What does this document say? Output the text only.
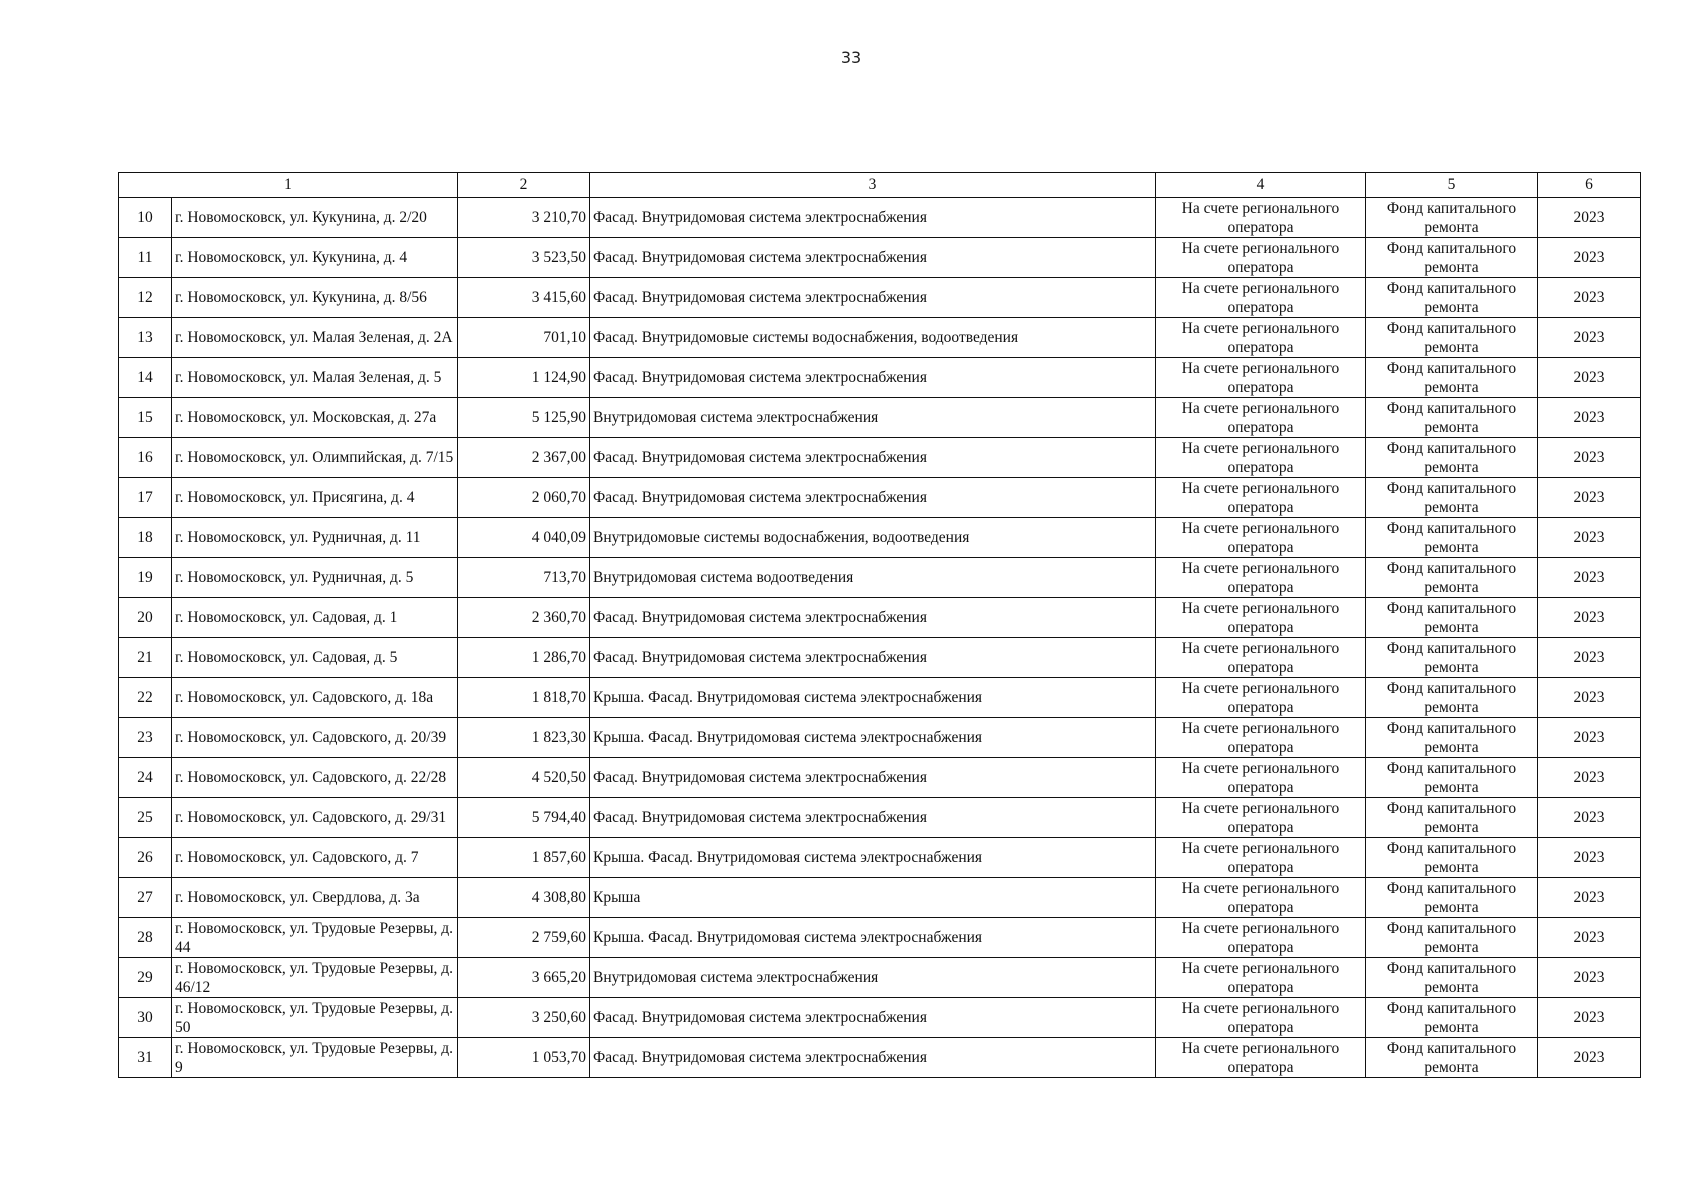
33
1		2	3	4	5	6
10	г. Новомосковск, ул. Кукунина, д. 2/20	3 210,70	Фасад. Внутридомовая система электроснабжения	На счете регионального оператора	Фонд капитального ремонта	2023
11	г. Новомосковск, ул. Кукунина, д. 4	3 523,50	Фасад. Внутридомовая система электроснабжения	На счете регионального оператора	Фонд капитального ремонта	2023
12	г. Новомосковск, ул. Кукунина, д. 8/56	3 415,60	Фасад. Внутридомовая система электроснабжения	На счете регионального оператора	Фонд капитального ремонта	2023
13	г. Новомосковск, ул. Малая Зеленая, д. 2А	701,10	Фасад. Внутридомовые системы водоснабжения, водоотведения	На счете регионального оператора	Фонд капитального ремонта	2023
14	г. Новомосковск, ул. Малая Зеленая, д. 5	1 124,90	Фасад. Внутридомовая система электроснабжения	На счете регионального оператора	Фонд капитального ремонта	2023
15	г. Новомосковск, ул. Московская, д. 27а	5 125,90	Внутридомовая система электроснабжения	На счете регионального оператора	Фонд капитального ремонта	2023
16	г. Новомосковск, ул. Олимпийская, д. 7/15	2 367,00	Фасад. Внутридомовая система электроснабжения	На счете регионального оператора	Фонд капитального ремонта	2023
17	г. Новомосковск, ул. Присягина, д. 4	2 060,70	Фасад. Внутридомовая система электроснабжения	На счете регионального оператора	Фонд капитального ремонта	2023
18	г. Новомосковск, ул. Рудничная, д. 11	4 040,09	Внутридомовые системы водоснабжения, водоотведения	На счете регионального оператора	Фонд капитального ремонта	2023
19	г. Новомосковск, ул. Рудничная, д. 5	713,70	Внутридомовая система водоотведения	На счете регионального оператора	Фонд капитального ремонта	2023
20	г. Новомосковск, ул. Садовая, д. 1	2 360,70	Фасад. Внутридомовая система электроснабжения	На счете регионального оператора	Фонд капитального ремонта	2023
21	г. Новомосковск, ул. Садовая, д. 5	1 286,70	Фасад. Внутридомовая система электроснабжения	На счете регионального оператора	Фонд капитального ремонта	2023
22	г. Новомосковск, ул. Садовского, д. 18а	1 818,70	Крыша. Фасад. Внутридомовая система электроснабжения	На счете регионального оператора	Фонд капитального ремонта	2023
23	г. Новомосковск, ул. Садовского, д. 20/39	1 823,30	Крыша. Фасад. Внутридомовая система электроснабжения	На счете регионального оператора	Фонд капитального ремонта	2023
24	г. Новомосковск, ул. Садовского, д. 22/28	4 520,50	Фасад. Внутридомовая система электроснабжения	На счете регионального оператора	Фонд капитального ремонта	2023
25	г. Новомосковск, ул. Садовского, д. 29/31	5 794,40	Фасад. Внутридомовая система электроснабжения	На счете регионального оператора	Фонд капитального ремонта	2023
26	г. Новомосковск, ул. Садовского, д. 7	1 857,60	Крыша. Фасад. Внутридомовая система электроснабжения	На счете регионального оператора	Фонд капитального ремонта	2023
27	г. Новомосковск, ул. Свердлова, д. 3а	4 308,80	Крыша	На счете регионального оператора	Фонд капитального ремонта	2023
28	г. Новомосковск, ул. Трудовые Резервы, д. 44	2 759,60	Крыша. Фасад. Внутридомовая система электроснабжения	На счете регионального оператора	Фонд капитального ремонта	2023
29	г. Новомосковск, ул. Трудовые Резервы, д. 46/12	3 665,20	Внутридомовая система электроснабжения	На счете регионального оператора	Фонд капитального ремонта	2023
30	г. Новомосковск, ул. Трудовые Резервы, д. 50	3 250,60	Фасад. Внутридомовая система электроснабжения	На счете регионального оператора	Фонд капитального ремонта	2023
31	г. Новомосковск, ул. Трудовые Резервы, д. 9	1 053,70	Фасад. Внутридомовая система электроснабжения	На счете регионального оператора	Фонд капитального ремонта	2023
